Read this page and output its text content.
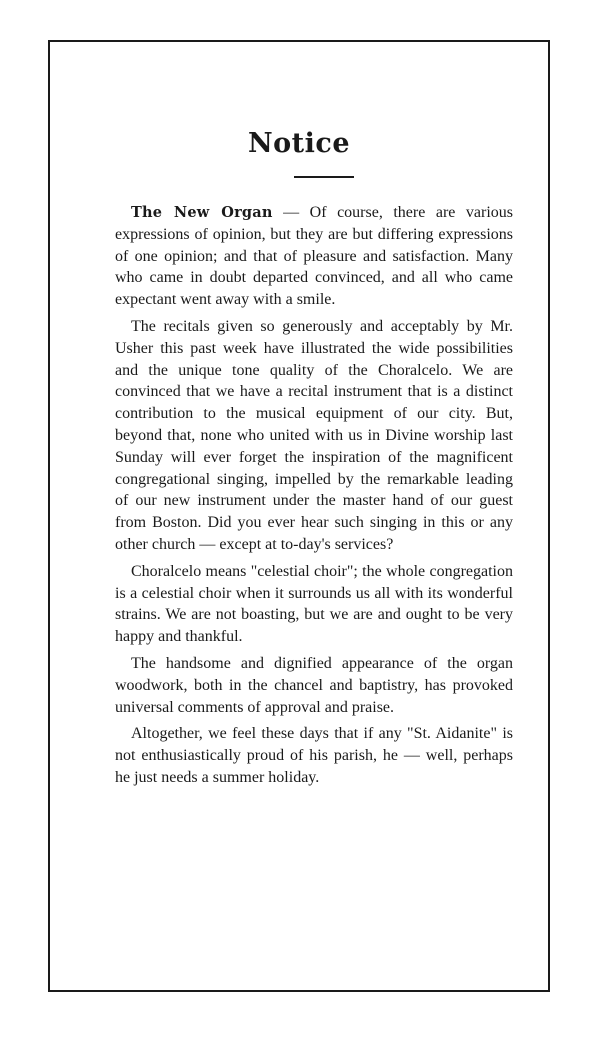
Notice

 The New Organ — Of course, there are various expressions of opinion, but they are but differing expressions of one opinion; and that of pleasure and satisfaction. Many who came in doubt departed convinced, and all who came expectant went away with a smile.

 The recitals given so generously and acceptably by Mr. Usher this past week have illustrated the wide possibilities and the unique tone quality of the Choralcelo. We are convinced that we have a recital instrument that is a distinct contribution to the musical equipment of our city. But, beyond that, none who united with us in Divine worship last Sunday will ever forget the inspiration of the magnificent congregational singing, impelled by the remarkable leading of our new instrument under the master hand of our guest from Boston. Did you ever hear such singing in this or any other church — except at to-day's services?

 Choralcelo means "celestial choir"; the whole congregation is a celestial choir when it surrounds us all with its wonderful strains. We are not boasting, but we are and ought to be very happy and thankful.

 The handsome and dignified appearance of the organ woodwork, both in the chancel and baptistry, has provoked universal comments of approval and praise.

 Altogether, we feel these days that if any "St. Aidanite" is not enthusiastically proud of his parish, he — well, perhaps he just needs a summer holiday.
